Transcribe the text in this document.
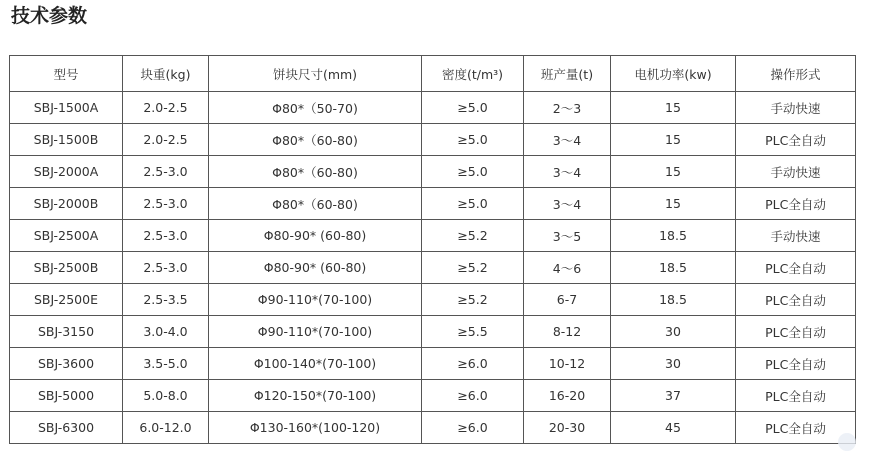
技术参数
型号	块重(kg)	饼块尺寸(mm)	密度(t/m³)	班产量(t)	电机功率(kw)	操作形式
SBJ-1500A	2.0-2.5	Φ80*（50-70)	≥5.0	2～3	15	手动快速
SBJ-1500B	2.0-2.5	Φ80*（60-80)	≥5.0	3～4	15	PLC全自动
SBJ-2000A	2.5-3.0	Φ80*（60-80)	≥5.0	3～4	15	手动快速
SBJ-2000B	2.5-3.0	Φ80*（60-80)	≥5.0	3～4	15	PLC全自动
SBJ-2500A	2.5-3.0	Φ80-90* (60-80)	≥5.2	3～5	18.5	手动快速
SBJ-2500B	2.5-3.0	Φ80-90* (60-80)	≥5.2	4～6	18.5	PLC全自动
SBJ-2500E	2.5-3.5	Φ90-110*(70-100)	≥5.2	6-7	18.5	PLC全自动
SBJ-3150	3.0-4.0	Φ90-110*(70-100)	≥5.5	8-12	30	PLC全自动
SBJ-3600	3.5-5.0	Φ100-140*(70-100)	≥6.0	10-12	30	PLC全自动
SBJ-5000	5.0-8.0	Φ120-150*(70-100)	≥6.0	16-20	37	PLC全自动
SBJ-6300	6.0-12.0	Φ130-160*(100-120)	≥6.0	20-30	45	PLC全自动
